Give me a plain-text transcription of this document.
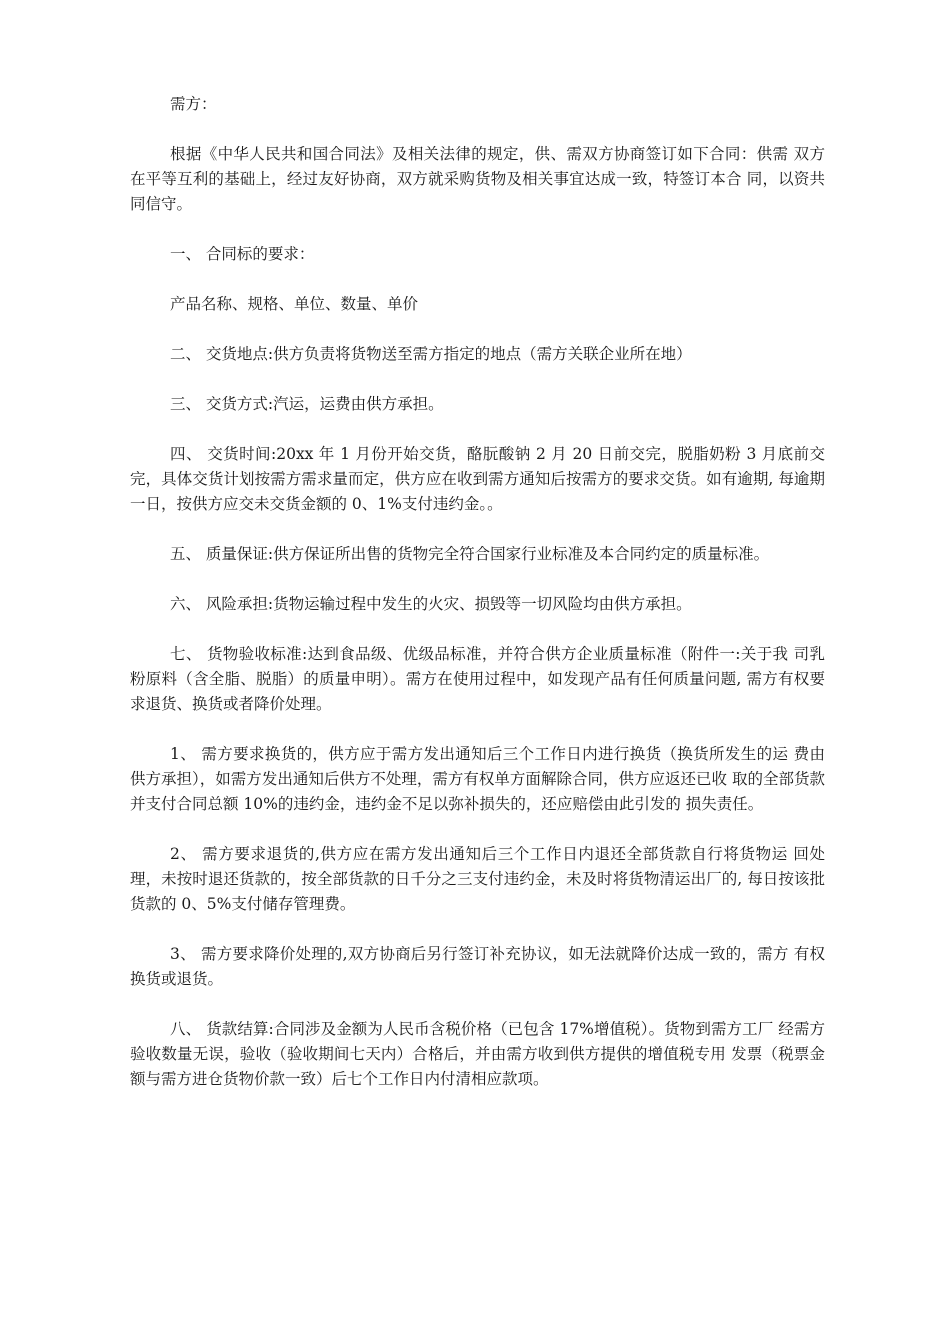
需方：

根据《中华人民共和国合同法》及相关法律的规定，供、需双方协商签订如下合同：供需 双方在平等互利的基础上，经过友好协商，双方就采购货物及相关事宜达成一致，特签订本合 同，以资共同信守。

一、 合同标的要求：

产品名称、规格、单位、数量、单价

二、 交货地点:供方负责将货物送至需方指定的地点（需方关联企业所在地）

三、 交货方式:汽运，运费由供方承担。

四、 交货时间:20xx 年 1 月份开始交货，酪朊酸钠 2 月 20 日前交完，脱脂奶粉 3 月底前交 完，具体交货计划按需方需求量而定，供方应在收到需方通知后按需方的要求交货。如有逾期, 每逾期一日，按供方应交未交货金额的 0、1%支付违约金。。

五、 质量保证:供方保证所出售的货物完全符合国家行业标准及本合同约定的质量标准。

六、 风险承担:货物运输过程中发生的火灾、损毁等一切风险均由供方承担。

七、 货物验收标准:达到食品级、优级品标准，并符合供方企业质量标准（附件一:关于我 司乳粉原料（含全脂、脱脂）的质量申明）。需方在使用过程中，如发现产品有任何质量问题, 需方有权要求退货、换货或者降价处理。

1、 需方要求换货的，供方应于需方发出通知后三个工作日内进行换货（换货所发生的运 费由供方承担），如需方发出通知后供方不处理，需方有权单方面解除合同，供方应返还已收 取的全部货款并支付合同总额 10%的违约金，违约金不足以弥补损失的，还应赔偿由此引发的 损失责任。

2、 需方要求退货的,供方应在需方发出通知后三个工作日内退还全部货款自行将货物运 回处理，未按时退还货款的，按全部货款的日千分之三支付违约金，未及时将货物清运出厂的, 每日按该批货款的 0、5%支付储存管理费。

3、 需方要求降价处理的,双方协商后另行签订补充协议，如无法就降价达成一致的，需方 有权换货或退货。

八、 货款结算:合同涉及金额为人民币含税价格（已包含 17%增值税）。货物到需方工厂 经需方验收数量无误，验收（验收期间七天内）合格后，并由需方收到供方提供的增值税专用 发票（税票金额与需方进仓货物价款一致）后七个工作日内付清相应款项。
